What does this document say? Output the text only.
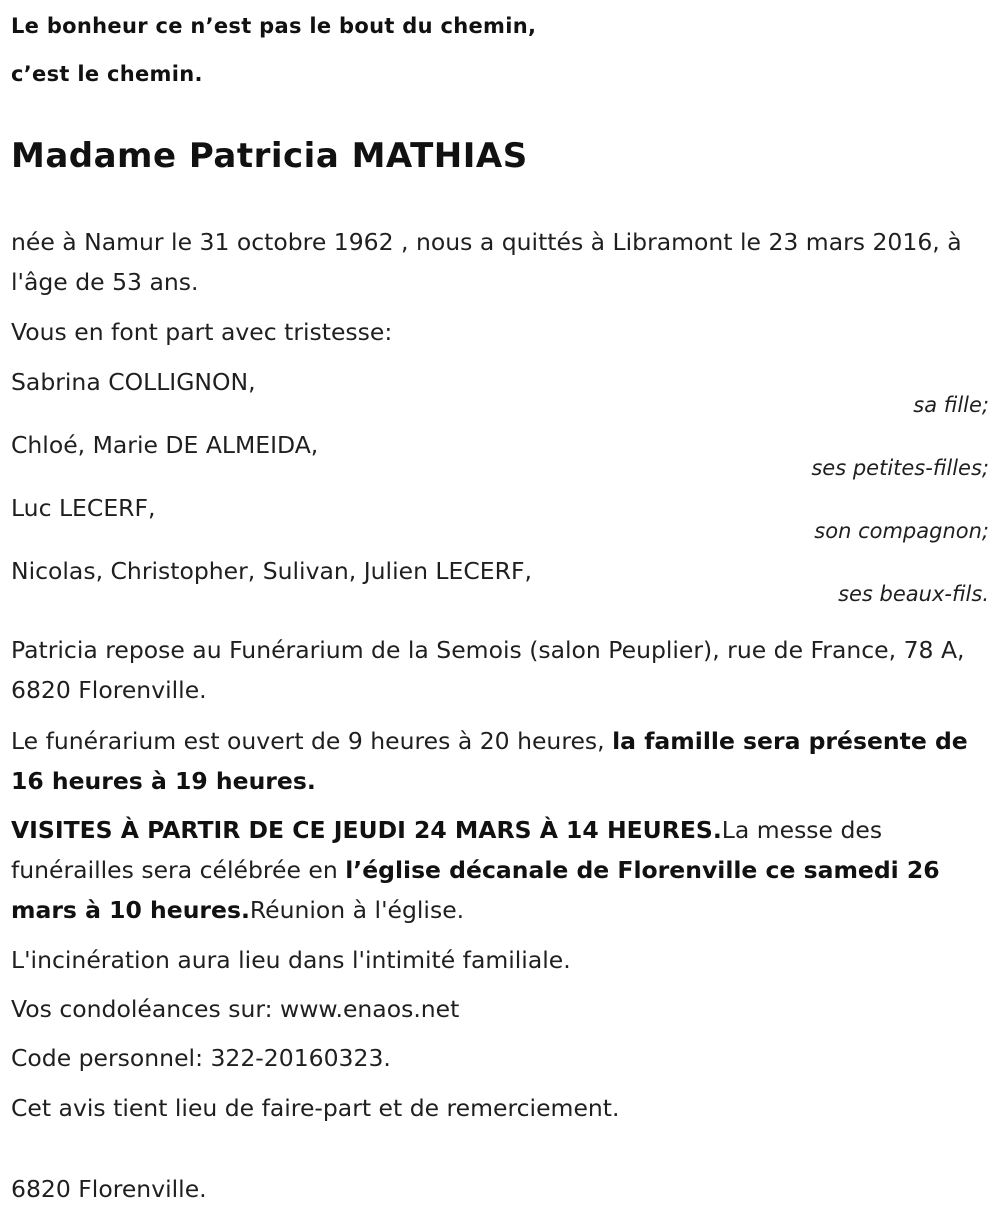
Le bonheur ce n’est pas le bout du chemin,
c’est le chemin.
Madame Patricia MATHIAS
née à Namur le 31 octobre 1962 , nous a quittés à Libramont le 23 mars 2016, à l'âge de 53 ans.
Vous en font part avec tristesse:
Sabrina COLLIGNON,
sa fille;
Chloé, Marie DE ALMEIDA,
ses petites-filles;
Luc LECERF,
son compagnon;
Nicolas, Christopher, Sulivan, Julien LECERF,
ses beaux-fils.
Patricia repose au Funérarium de la Semois (salon Peuplier), rue de France, 78 A, 6820 Florenville.
Le funérarium est ouvert de 9 heures à 20 heures, la famille sera présente de 16 heures à 19 heures.
VISITES À PARTIR DE CE JEUDI 24 MARS À 14 HEURES.La messe des funérailles sera célébrée en l’église décanale de Florenville ce samedi 26 mars à 10 heures.Réunion à l'église.
L'incinération aura lieu dans l'intimité familiale.
Vos condoléances sur: www.enaos.net
Code personnel: 322-20160323.
Cet avis tient lieu de faire-part et de remerciement.
6820 Florenville.
